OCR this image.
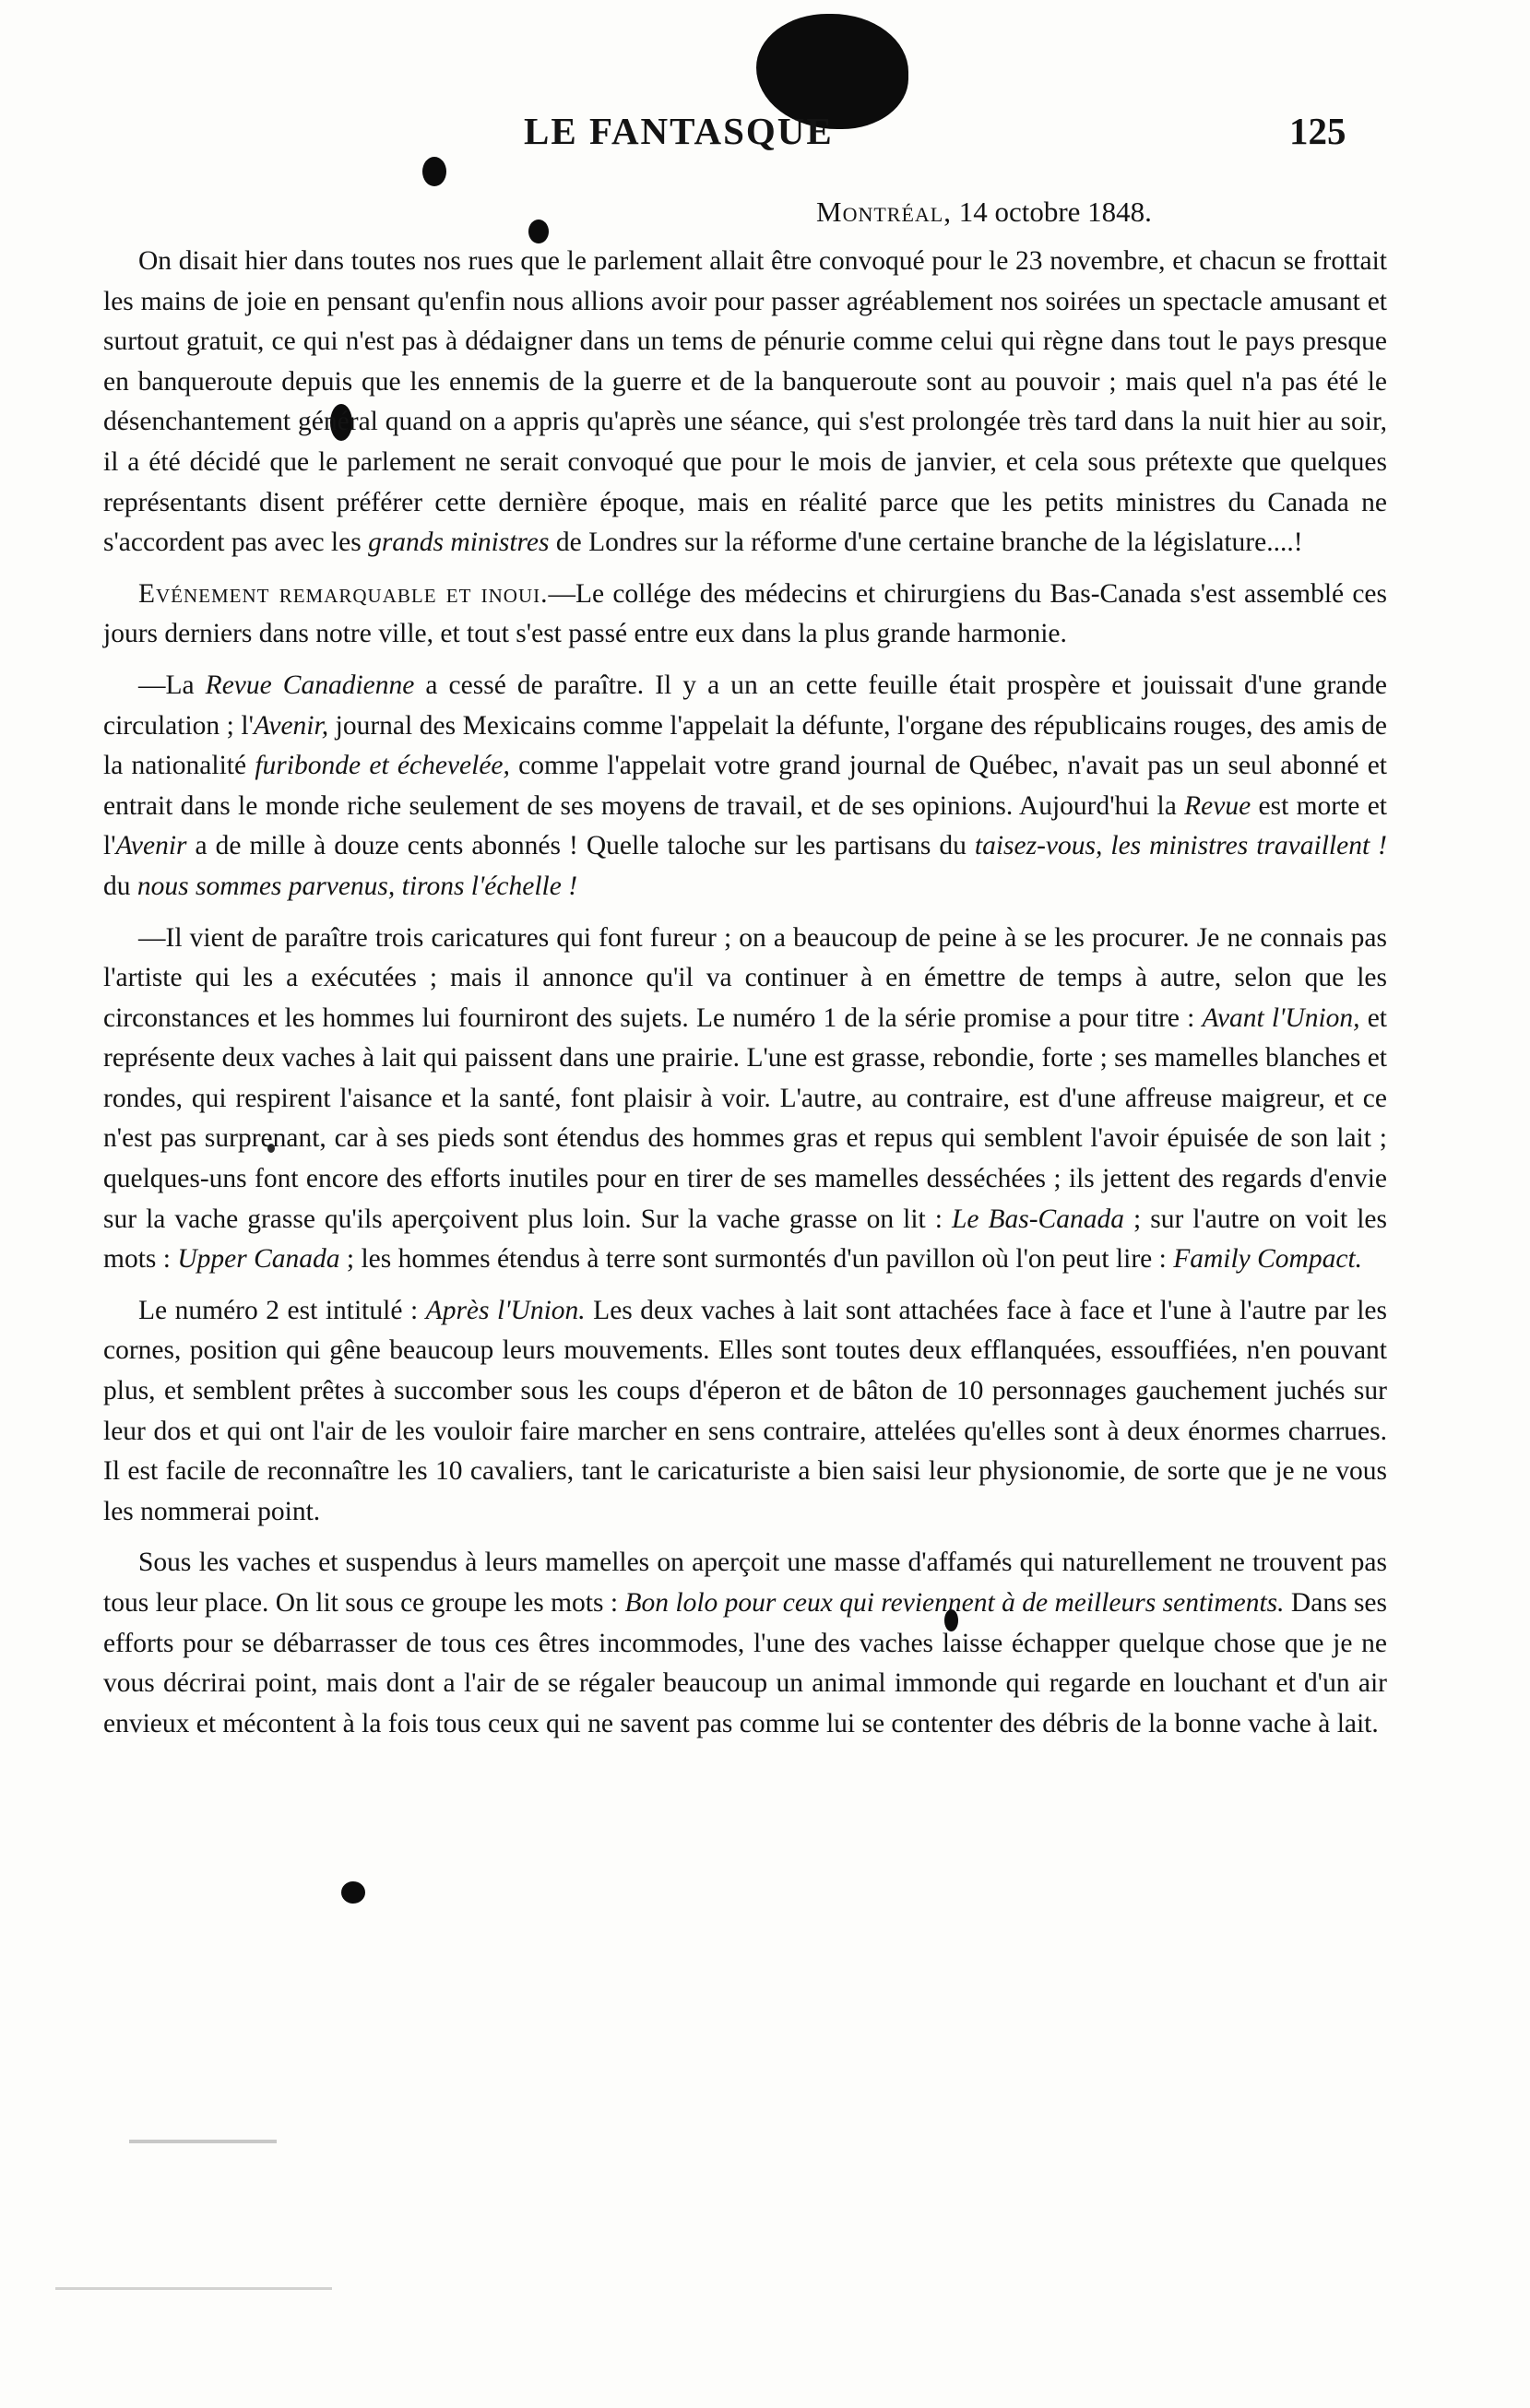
LE FANTASQUE	125
Montréal, 14 octobre 1848.

On disait hier dans toutes nos rues que le parlement allait être convoqué pour le 23 novembre, et chacun se frottait les mains de joie en pensant qu'enfin nous allions avoir pour passer agréablement nos soirées un spectacle amusant et surtout gratuit, ce qui n'est pas à dédaigner dans un tems de pénurie comme celui qui règne dans tout le pays presque en banqueroute depuis que les ennemis de la guerre et de la banqueroute sont au pouvoir ; mais quel n'a pas été le désenchantement général quand on a appris qu'après une séance, qui s'est prolongée très tard dans la nuit hier au soir, il a été décidé que le parlement ne serait convoqué que pour le mois de janvier, et cela sous prétexte que quelques représentants disent préférer cette dernière époque, mais en réalité parce que les petits ministres du Canada ne s'accordent pas avec les grands ministres de Londres sur la réforme d'une certaine branche de la législature....!

Evénement remarquable et inoui.—Le collége des médecins et chirurgiens du Bas-Canada s'est assemblé ces jours derniers dans notre ville, et tout s'est passé entre eux dans la plus grande harmonie.

—La Revue Canadienne a cessé de paraître. Il y a un an cette feuille était prospère et jouissait d'une grande circulation ; l'Avenir, journal des Mexicains comme l'appelait la défunte, l'organe des républicains rouges, des amis de la nationalité furibonde et échevelée, comme l'appelait votre grand journal de Québec, n'avait pas un seul abonné et entrait dans le monde riche seulement de ses moyens de travail, et de ses opinions. Aujourd'hui la Revue est morte et l'Avenir a de mille à douze cents abonnés ! Quelle taloche sur les partisans du taisez-vous, les ministres travaillent ! du nous sommes parvenus, tirons l'échelle !

—Il vient de paraître trois caricatures qui font fureur ; on a beaucoup de peine à se les procurer. Je ne connais pas l'artiste qui les a exécutées ; mais il annonce qu'il va continuer à en émettre de temps à autre, selon que les circonstances et les hommes lui fourniront des sujets. Le numéro 1 de la série promise a pour titre : Avant l'Union, et représente deux vaches à lait qui paissent dans une prairie. L'une est grasse, rebondie, forte ; ses mamelles blanches et rondes, qui respirent l'aisance et la santé, font plaisir à voir. L'autre, au contraire, est d'une affreuse maigreur, et ce n'est pas surprenant, car à ses pieds sont étendus des hommes gras et repus qui semblent l'avoir épuisée de son lait ; quelques-uns font encore des efforts inutiles pour en tirer de ses mamelles desséchées ; ils jettent des regards d'envie sur la vache grasse qu'ils aperçoivent plus loin. Sur la vache grasse on lit : Le Bas-Canada ; sur l'autre on voit les mots : Upper Canada ; les hommes étendus à terre sont surmontés d'un pavillon où l'on peut lire : Family Compact.

Le numéro 2 est intitulé : Après l'Union. Les deux vaches à lait sont attachées face à face et l'une à l'autre par les cornes, position qui gêne beaucoup leurs mouvements. Elles sont toutes deux efflanquées, essouffiées, n'en pouvant plus, et semblent prêtes à succomber sous les coups d'éperon et de bâton de 10 personnages gauchement juchés sur leur dos et qui ont l'air de les vouloir faire marcher en sens contraire, attelées qu'elles sont à deux énormes charrues. Il est facile de reconnaître les 10 cavaliers, tant le caricaturiste a bien saisi leur physionomie, de sorte que je ne vous les nommerai point.

Sous les vaches et suspendus à leurs mamelles on aperçoit une masse d'affamés qui naturellement ne trouvent pas tous leur place. On lit sous ce groupe les mots : Bon lolo pour ceux qui reviennent à de meilleurs sentiments. Dans ses efforts pour se débarrasser de tous ces êtres incommodes, l'une des vaches laisse échapper quelque chose que je ne vous décrirai point, mais dont a l'air de se régaler beaucoup un animal immonde qui regarde en louchant et d'un air envieux et mécontent à la fois tous ceux qui ne savent pas comme lui se contenter des débris de la bonne vache à lait.
